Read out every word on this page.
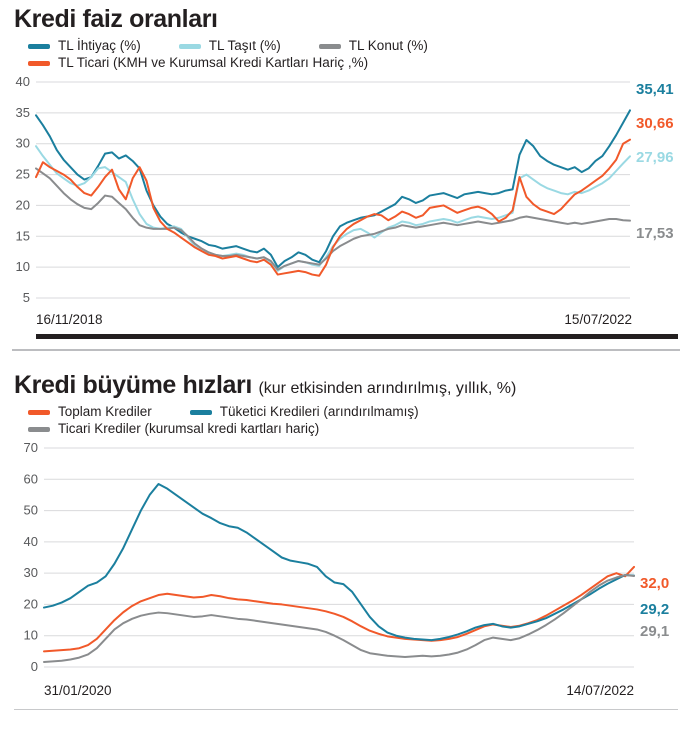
Kredi faiz oranları
TL İhtiyaç (%)	TL Taşıt (%)	TL Konut (%)
TL Ticari (KMH ve Kurumsal Kredi Kartları Hariç ,%)
5
10
15
20
25
30
35
40	35,41
30,66
27,96
17,53
16/11/2018	15/07/2022
Kredi büyüme hızları (kur etkisinden arındırılmış, yıllık, %)
Toplam Krediler	Tüketici Kredileri (arındırılmamış)
Ticari Krediler (kurumsal kredi kartları hariç)
0
10
20
30
40
50
60
70
32,0
29,2
29,1
31/01/2020	14/07/2022
